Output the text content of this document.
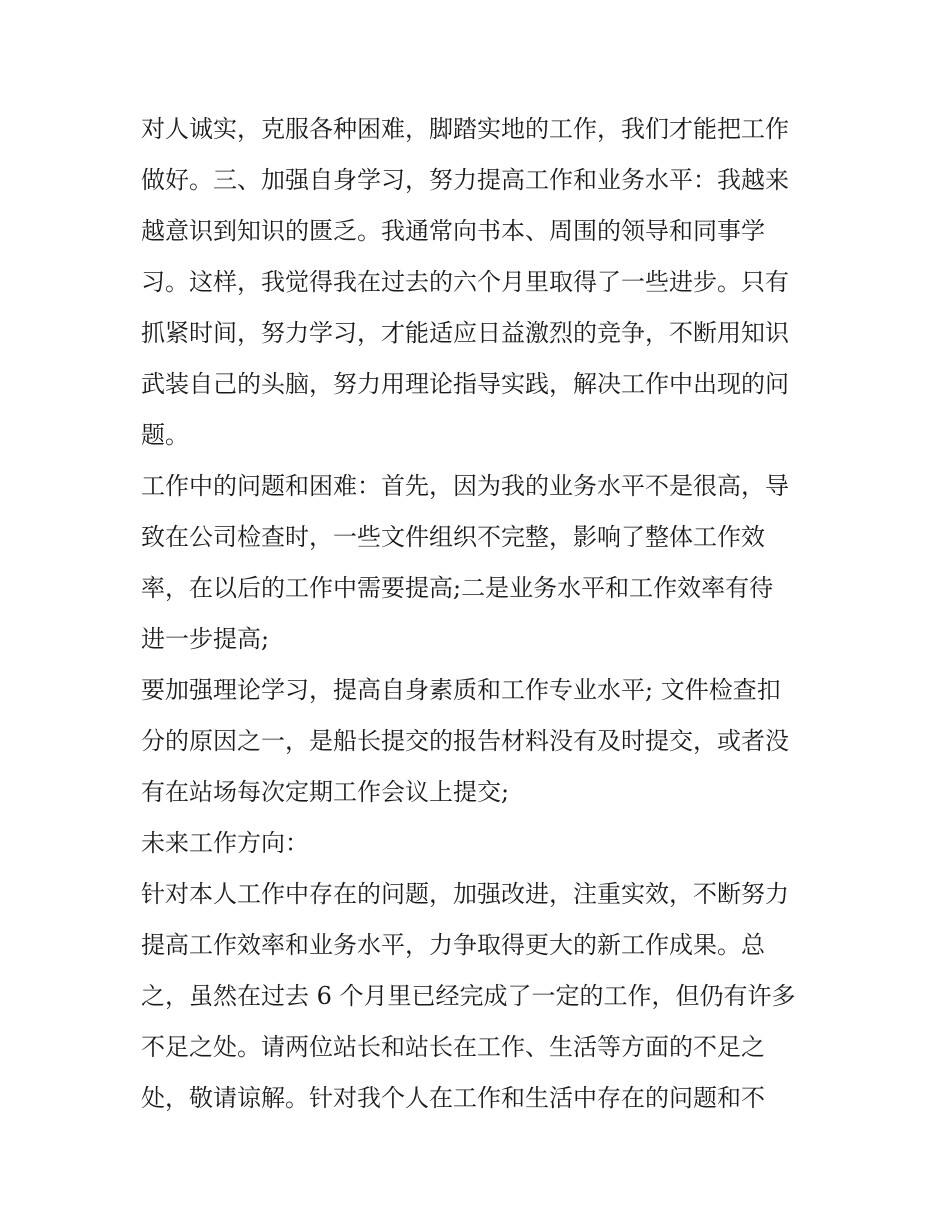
对人诚实，克服各种困难，脚踏实地的工作，我们才能把工作
做好。三、加强自身学习，努力提高工作和业务水平：我越来
越意识到知识的匮乏。我通常向书本、周围的领导和同事学
习。这样，我觉得我在过去的六个月里取得了一些进步。只有
抓紧时间，努力学习，才能适应日益激烈的竞争，不断用知识
武装自己的头脑，努力用理论指导实践，解决工作中出现的问
题。
工作中的问题和困难：首先，因为我的业务水平不是很高，导
致在公司检查时，一些文件组织不完整，影响了整体工作效
率，在以后的工作中需要提高;二是业务水平和工作效率有待
进一步提高;
要加强理论学习，提高自身素质和工作专业水平; 文件检查扣
分的原因之一，是船长提交的报告材料没有及时提交，或者没
有在站场每次定期工作会议上提交;
未来工作方向：
针对本人工作中存在的问题，加强改进，注重实效，不断努力
提高工作效率和业务水平，力争取得更大的新工作成果。总
之，虽然在过去 6 个月里已经完成了一定的工作，但仍有许多
不足之处。请两位站长和站长在工作、生活等方面的不足之
处，敬请谅解。针对我个人在工作和生活中存在的问题和不
